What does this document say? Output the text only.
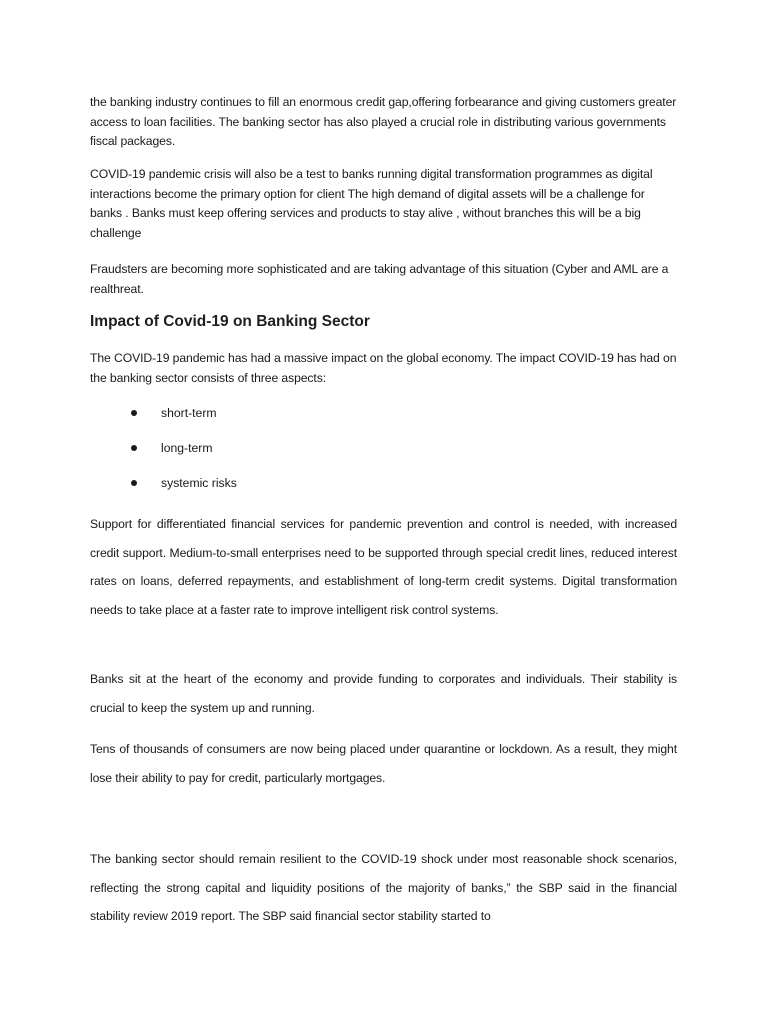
the banking industry continues to fill an enormous credit gap,offering forbearance and giving customers greater access to loan facilities. The banking sector has also played a crucial role in distributing various governments fiscal packages.

COVID-19 pandemic crisis will also be a test to banks running digital transformation programmes as digital interactions become the primary option for client The high demand of digital assets will be a challenge for banks . Banks must keep offering services and products to stay alive , without branches this will be a big challenge

Fraudsters are becoming more sophisticated and are taking advantage of this situation (Cyber and AML are a realthreat.

Impact of Covid-19 on Banking Sector

The COVID-19 pandemic has had a massive impact on the global economy. The impact COVID-19 has had on the banking sector consists of three aspects:

short-term
long-term
systemic risks

Support for differentiated financial services for pandemic prevention and control is needed, with increased credit support. Medium-to-small enterprises need to be supported through special credit lines, reduced interest rates on loans, deferred repayments, and establishment of long-term credit systems. Digital transformation needs to take place at a faster rate to improve intelligent risk control systems.

Banks sit at the heart of the economy and provide funding to corporates and individuals. Their stability is crucial to keep the system up and running.

Tens of thousands of consumers are now being placed under quarantine or lockdown. As a result, they might lose their ability to pay for credit, particularly mortgages.

The banking sector should remain resilient to the COVID-19 shock under most reasonable shock scenarios, reflecting the strong capital and liquidity positions of the majority of banks,” the SBP said in the financial stability review 2019 report. The SBP said financial sector stability started to
